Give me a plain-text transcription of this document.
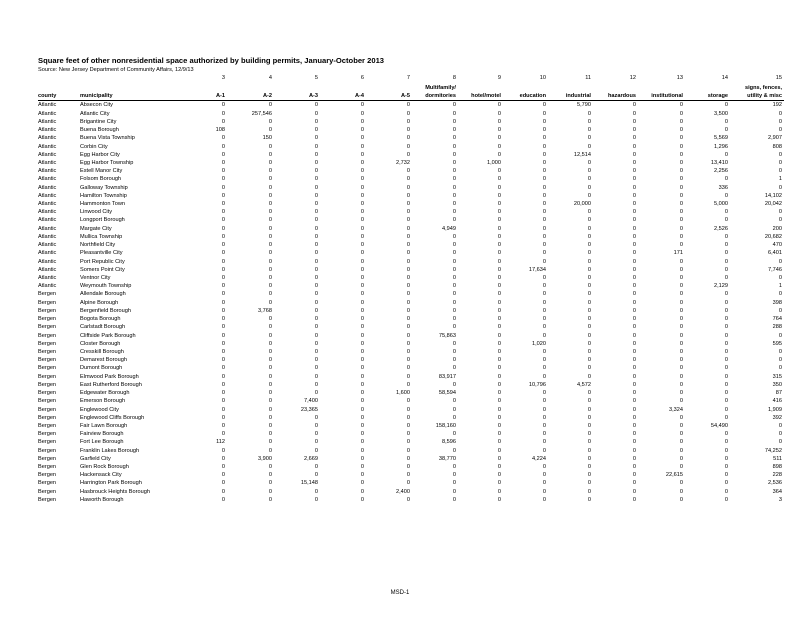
Square feet of other nonresidential space authorized by building permits, January-October 2013
Source: New Jersey Department of Community Affairs, 12/9/13
		3	4	5	6	7	8	9	10	11	12	13	14	15
							Multifamily/							signs, fences,
county	municipality	A-1	A-2	A-3	A-4	A-5	dormitories	hotel/motel	education	industrial	hazardous	institutional	storage	utility & misc
Atlantic	Absecon City	0	0	0	0	0	0	0	0	5,790	0	0	0	192
Atlantic	Atlantic City	0	257,546	0	0	0	0	0	0	0	0	0	3,500	0
Atlantic	Brigantine City	0	0	0	0	0	0	0	0	0	0	0	0	0
Atlantic	Buena Borough	108	0	0	0	0	0	0	0	0	0	0	0	0
Atlantic	Buena Vista Township	0	150	0	0	0	0	0	0	0	0	0	5,569	2,907
Atlantic	Corbin City	0	0	0	0	0	0	0	0	0	0	0	1,296	808
Atlantic	Egg Harbor City	0	0	0	0	0	0	0	0	12,514	0	0	0	0
Atlantic	Egg Harbor Township	0	0	0	0	2,732	0	1,000	0	0	0	0	13,410	0
Atlantic	Estell Manor City	0	0	0	0	0	0	0	0	0	0	0	2,256	0
Atlantic	Folsom Borough	0	0	0	0	0	0	0	0	0	0	0	0	1
Atlantic	Galloway Township	0	0	0	0	0	0	0	0	0	0	0	336	0
Atlantic	Hamilton Township	0	0	0	0	0	0	0	0	0	0	0	0	14,102
Atlantic	Hammonton Town	0	0	0	0	0	0	0	0	20,000	0	0	5,000	20,042
Atlantic	Linwood City	0	0	0	0	0	0	0	0	0	0	0	0	0
Atlantic	Longport Borough	0	0	0	0	0	0	0	0	0	0	0	0	0
Atlantic	Margate City	0	0	0	0	0	4,949	0	0	0	0	0	2,526	200
Atlantic	Mullica Township	0	0	0	0	0	0	0	0	0	0	0	0	20,682
Atlantic	Northfield City	0	0	0	0	0	0	0	0	0	0	0	0	470
Atlantic	Pleasantville City	0	0	0	0	0	0	0	0	0	0	171	0	6,401
Atlantic	Port Republic City	0	0	0	0	0	0	0	0	0	0	0	0	0
Atlantic	Somers Point City	0	0	0	0	0	0	0	17,634	0	0	0	0	7,746
Atlantic	Ventnor City	0	0	0	0	0	0	0	0	0	0	0	0	0
Atlantic	Weymouth Township	0	0	0	0	0	0	0	0	0	0	0	2,129	1
Bergen	Allendale Borough	0	0	0	0	0	0	0	0	0	0	0	0	0
Bergen	Alpine Borough	0	0	0	0	0	0	0	0	0	0	0	0	398
Bergen	Bergenfield Borough	0	3,768	0	0	0	0	0	0	0	0	0	0	0
Bergen	Bogota Borough	0	0	0	0	0	0	0	0	0	0	0	0	764
Bergen	Carlstadt Borough	0	0	0	0	0	0	0	0	0	0	0	0	288
Bergen	Cliffside Park Borough	0	0	0	0	0	75,863	0	0	0	0	0	0	0
Bergen	Closter Borough	0	0	0	0	0	0	0	1,020	0	0	0	0	595
Bergen	Cresskill Borough	0	0	0	0	0	0	0	0	0	0	0	0	0
Bergen	Demarest Borough	0	0	0	0	0	0	0	0	0	0	0	0	0
Bergen	Dumont Borough	0	0	0	0	0	0	0	0	0	0	0	0	0
Bergen	Elmwood Park Borough	0	0	0	0	0	83,917	0	0	0	0	0	0	315
Bergen	East Rutherford Borough	0	0	0	0	0	0	0	10,796	4,572	0	0	0	350
Bergen	Edgewater Borough	0	0	0	0	1,600	58,594	0	0	0	0	0	0	87
Bergen	Emerson Borough	0	0	7,400	0	0	0	0	0	0	0	0	0	416
Bergen	Englewood City	0	0	23,365	0	0	0	0	0	0	0	3,324	0	1,909
Bergen	Englewood Cliffs Borough	0	0	0	0	0	0	0	0	0	0	0	0	392
Bergen	Fair Lawn Borough	0	0	0	0	0	158,160	0	0	0	0	0	54,490	0
Bergen	Fairview Borough	0	0	0	0	0	0	0	0	0	0	0	0	0
Bergen	Fort Lee Borough	112	0	0	0	0	8,596	0	0	0	0	0	0	0
Bergen	Franklin Lakes Borough	0	0	0	0	0	0	0	0	0	0	0	0	74,252
Bergen	Garfield City	0	3,900	2,669	0	0	38,770	0	4,224	0	0	0	0	511
Bergen	Glen Rock Borough	0	0	0	0	0	0	0	0	0	0	0	0	898
Bergen	Hackensack City	0	0	0	0	0	0	0	0	0	0	22,615	0	228
Bergen	Harrington Park Borough	0	0	15,148	0	0	0	0	0	0	0	0	0	2,536
Bergen	Hasbrouck Heights Borough	0	0	0	0	2,400	0	0	0	0	0	0	0	364
Bergen	Haworth Borough	0	0	0	0	0	0	0	0	0	0	0	0	3
MSD-1
